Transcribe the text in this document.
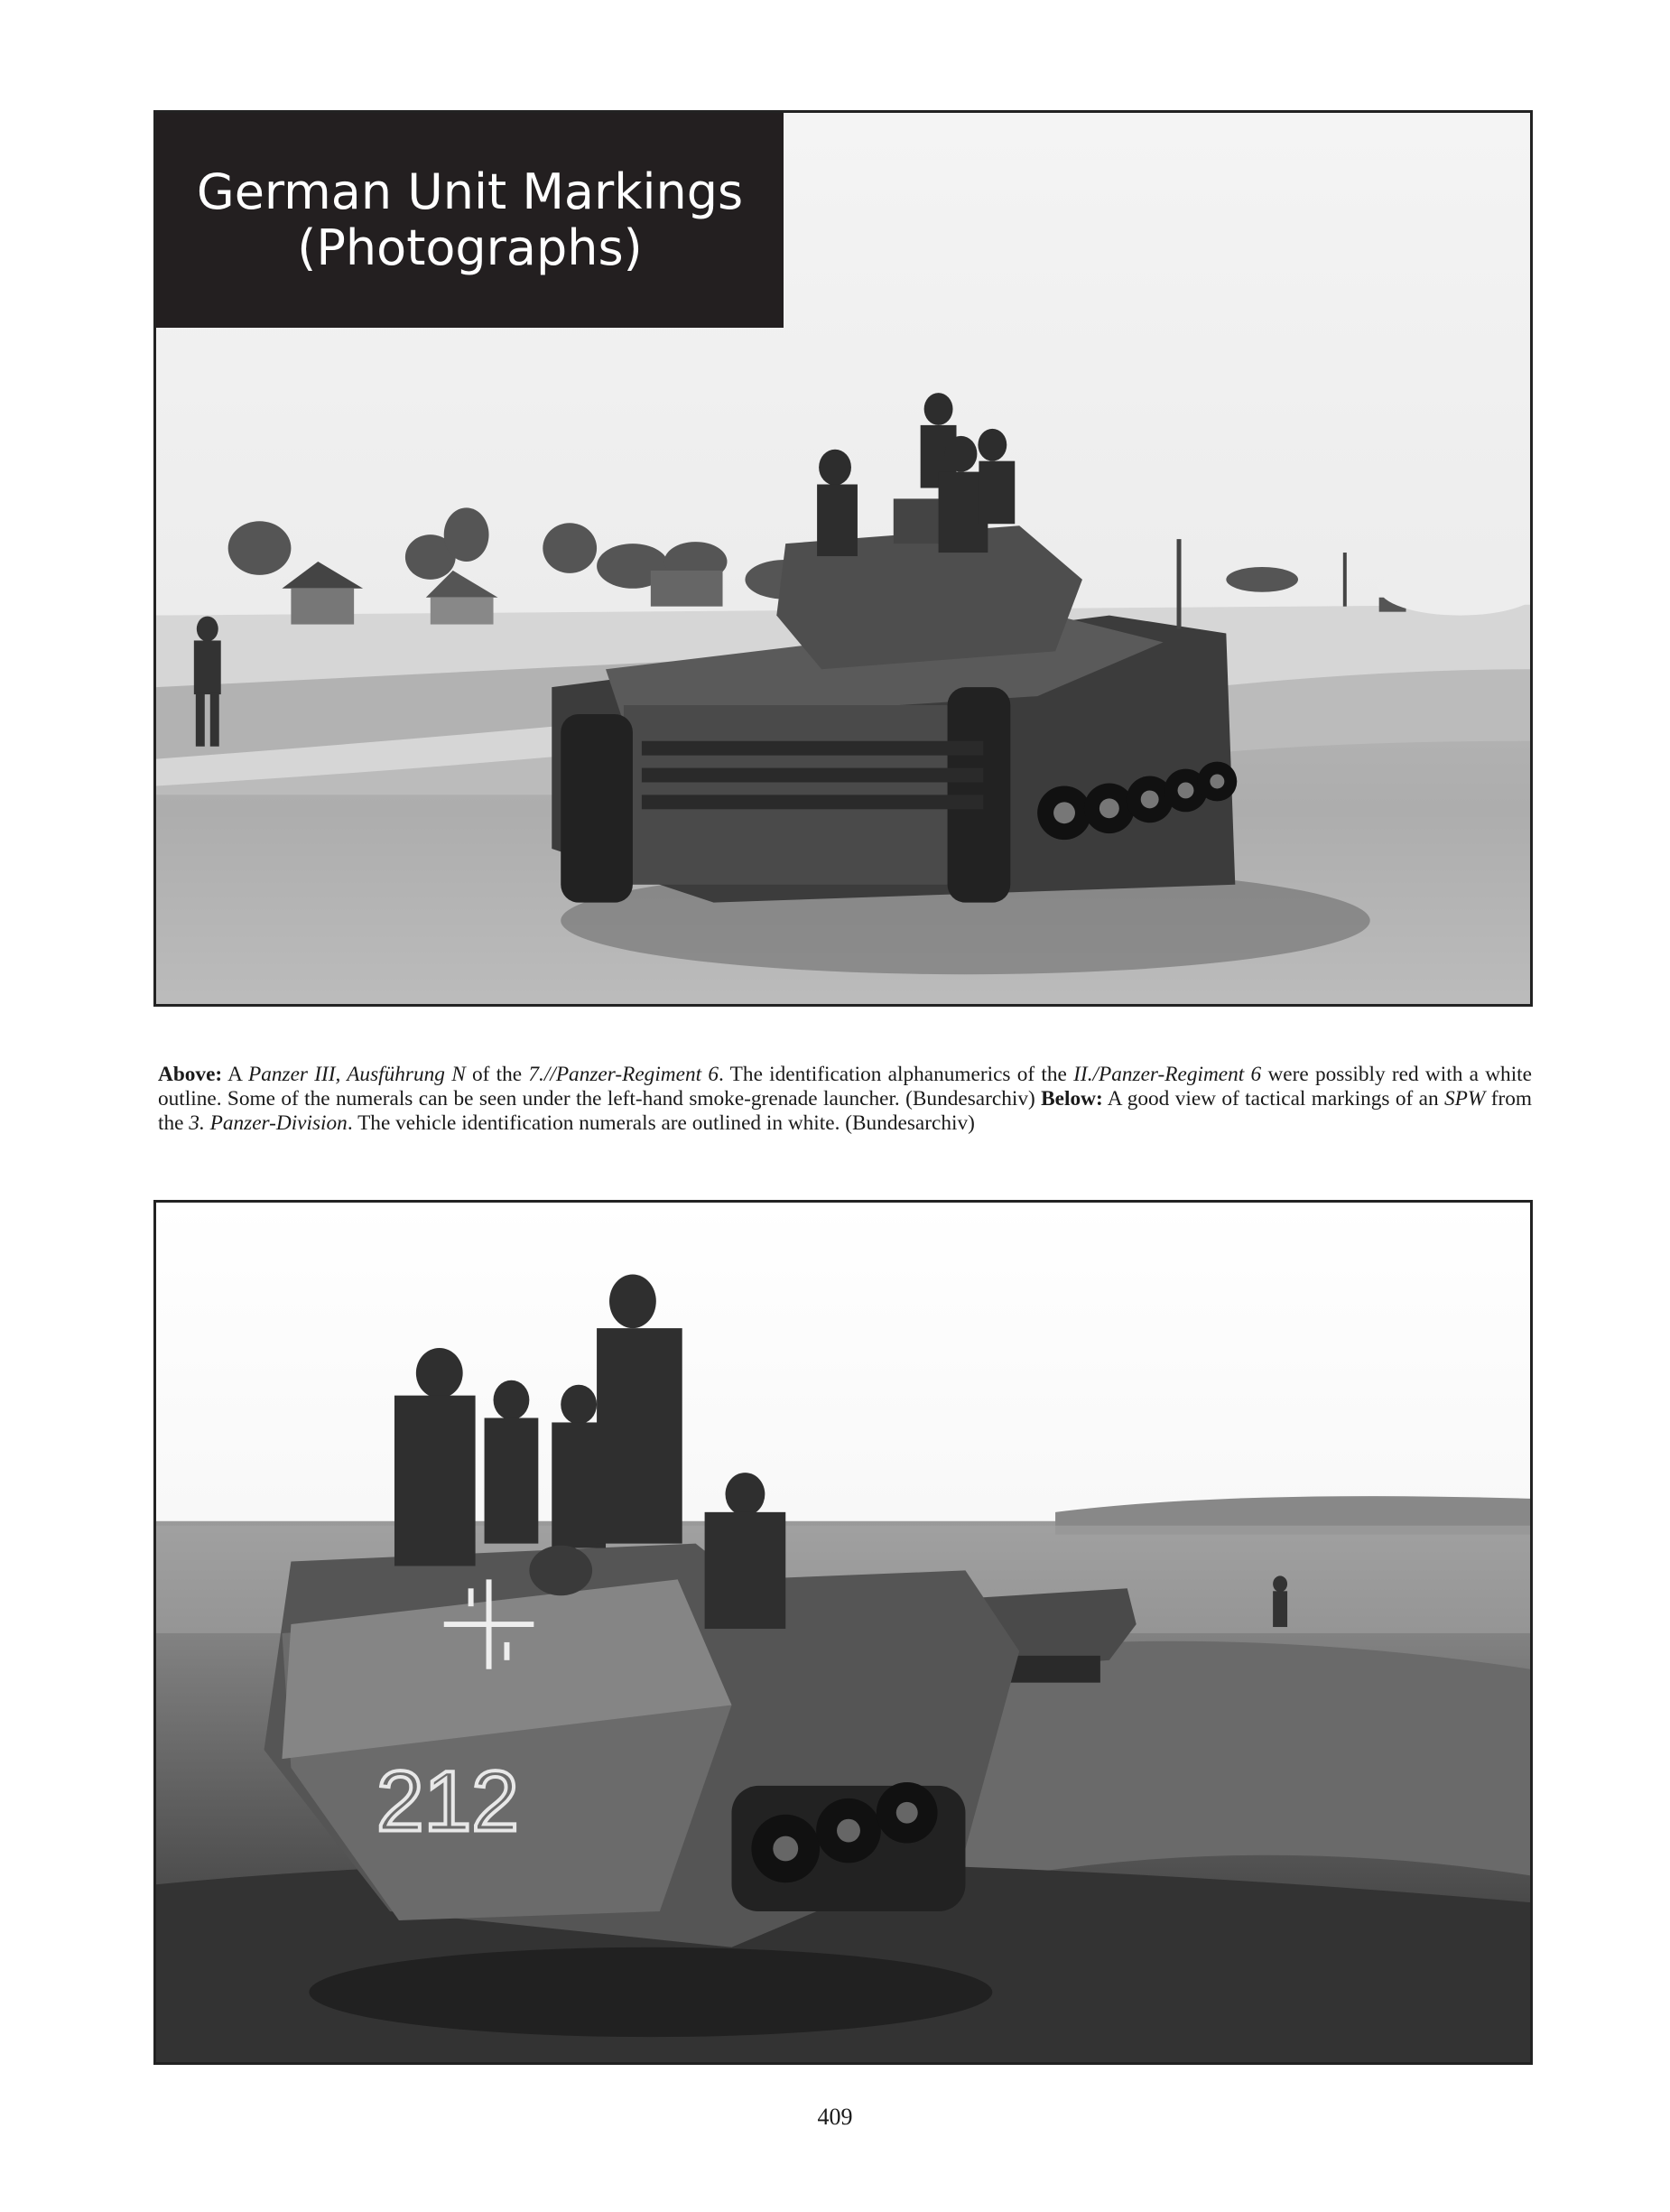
German Unit Markings
(Photographs)
Above: A Panzer III, Ausführung N of the 7.//Panzer-Regiment 6. The identification alphanumerics of the II./Panzer-Regiment 6 were possibly red with a white outline. Some of the numerals can be seen under the left-hand smoke-grenade launcher. (Bundesarchiv) Below: A good view of tactical markings of an SPW from the 3. Panzer-Division. The vehicle identification numerals are outlined in white. (Bundesarchiv)
212
409
